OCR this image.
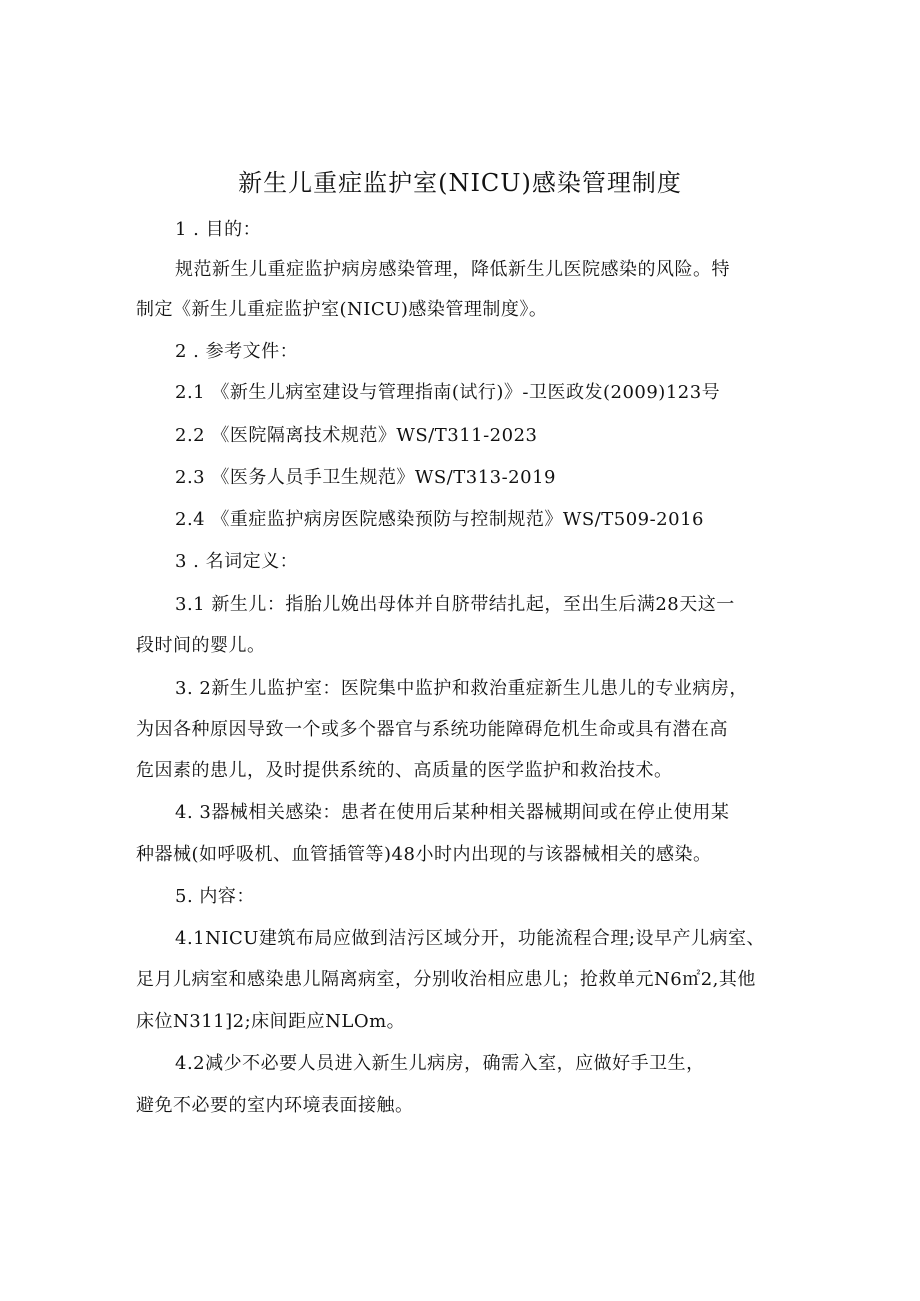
新生儿重症监护室(NICU)感染管理制度
1 . 目的：
规范新生儿重症监护病房感染管理，降低新生儿医院感染的风险。特
制定《新生儿重症监护室(NICU)感染管理制度》。
2 . 参考文件：
2.1 《新生儿病室建设与管理指南(试行)》-卫医政发(2009)123号
2.2 《医院隔离技术规范》WS/T311-2023
2.3 《医务人员手卫生规范》WS/T313-2019
2.4 《重症监护病房医院感染预防与控制规范》WS/T509-2016
3 . 名词定义：
3.1 新生儿：指胎儿娩出母体并自脐带结扎起，至出生后满28天这一
段时间的婴儿。
3. 2新生儿监护室：医院集中监护和救治重症新生儿患儿的专业病房，
为因各种原因导致一个或多个器官与系统功能障碍危机生命或具有潜在高
危因素的患儿，及时提供系统的、高质量的医学监护和救治技术。
4. 3器械相关感染：患者在使用后某种相关器械期间或在停止使用某
种器械(如呼吸机、血管插管等)48小时内出现的与该器械相关的感染。
5. 内容：
4.1NICU建筑布局应做到洁污区域分开，功能流程合理;设早产儿病室、
足月儿病室和感染患儿隔离病室，分别收治相应患儿；抢救单元N6㎡2,其他
床位N311]2;床间距应NLOm。
4.2减少不必要人员进入新生儿病房，确需入室，应做好手卫生，
避免不必要的室内环境表面接触。
